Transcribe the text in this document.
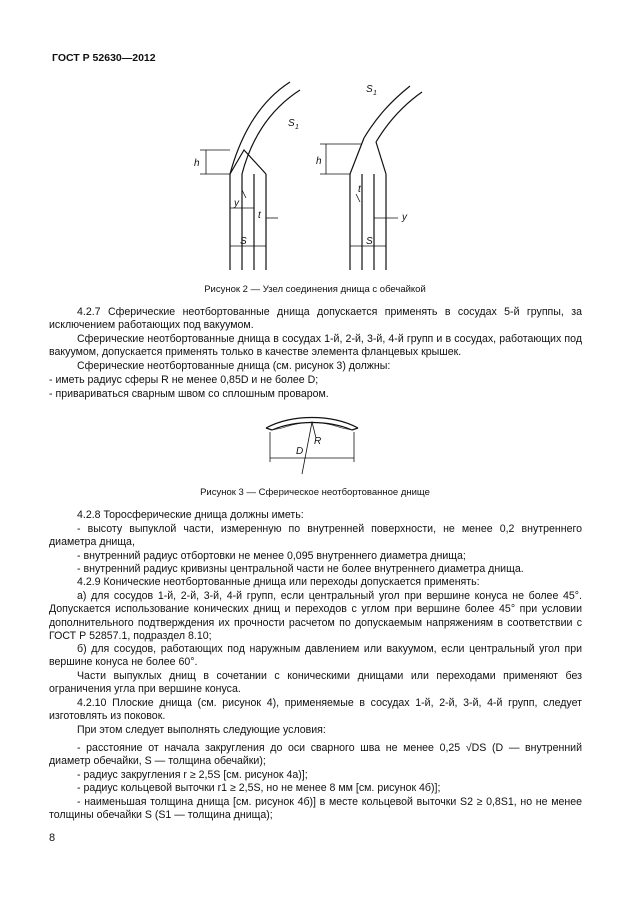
ГОСТ Р 52630—2012
S 1
S 1
h	h
y
y
t
t
S	S
Рисунок 2 — Узел соединения днища с обечайкой

4.2.7 Сферические неотбортованные днища допускается применять в сосудах 5-й группы, за исключением работающих под вакуумом.

Сферические неотбортованные днища в сосудах 1-й, 2-й, 3-й, 4-й групп и в сосудах, работающих под вакуумом, допускается применять только в качестве элемента фланцевых крышек.

Сферические неотбортованные днища (см. рисунок 3) должны:

- иметь радиус сферы R не менее 0,85D и не более D;

- привариваться сварным швом со сплошным проваром.

D
R
Рисунок 3 — Сферическое неотбортованное днище

4.2.8 Торосферические днища должны иметь:

- высоту выпуклой части, измеренную по внутренней поверхности, не менее 0,2 внутреннего диаметра днища,

- внутренний радиус отбортовки не менее 0,095 внутреннего диаметра днища;

- внутренний радиус кривизны центральной части не более внутреннего диаметра днища.

4.2.9 Конические неотбортованные днища или переходы допускается применять:

а) для сосудов 1-й, 2-й, 3-й, 4-й групп, если центральный угол при вершине конуса не более 45°. Допускается использование конических днищ и переходов с углом при вершине более 45° при условии дополнительного подтверждения их прочности расчетом по допускаемым напряжениям в соответствии с ГОСТ Р 52857.1, подраздел 8.10;

б) для сосудов, работающих под наружным давлением или вакуумом, если центральный угол при вершине конуса не более 60°.

Части выпуклых днищ в сочетании с коническими днищами или переходами применяют без ограничения угла при вершине конуса.

4.2.10 Плоские днища (см. рисунок 4), применяемые в сосудах 1-й, 2-й, 3-й, 4-й групп, следует изготовлять из поковок.

При этом следует выполнять следующие условия:

- расстояние от начала закругления до оси сварного шва не менее 0,25 √DS (D — внутренний диаметр обечайки, S — толщина обечайки);

- радиус закругления r ≥ 2,5S [см. рисунок 4а)];

- радиус кольцевой выточки r1 ≥ 2,5S, но не менее 8 мм [см. рисунок 4б)];

- наименьшая толщина днища [см. рисунок 4б)] в месте кольцевой выточки S2 ≥ 0,8S1, но не менее толщины обечайки S (S1 — толщина днища);

8
